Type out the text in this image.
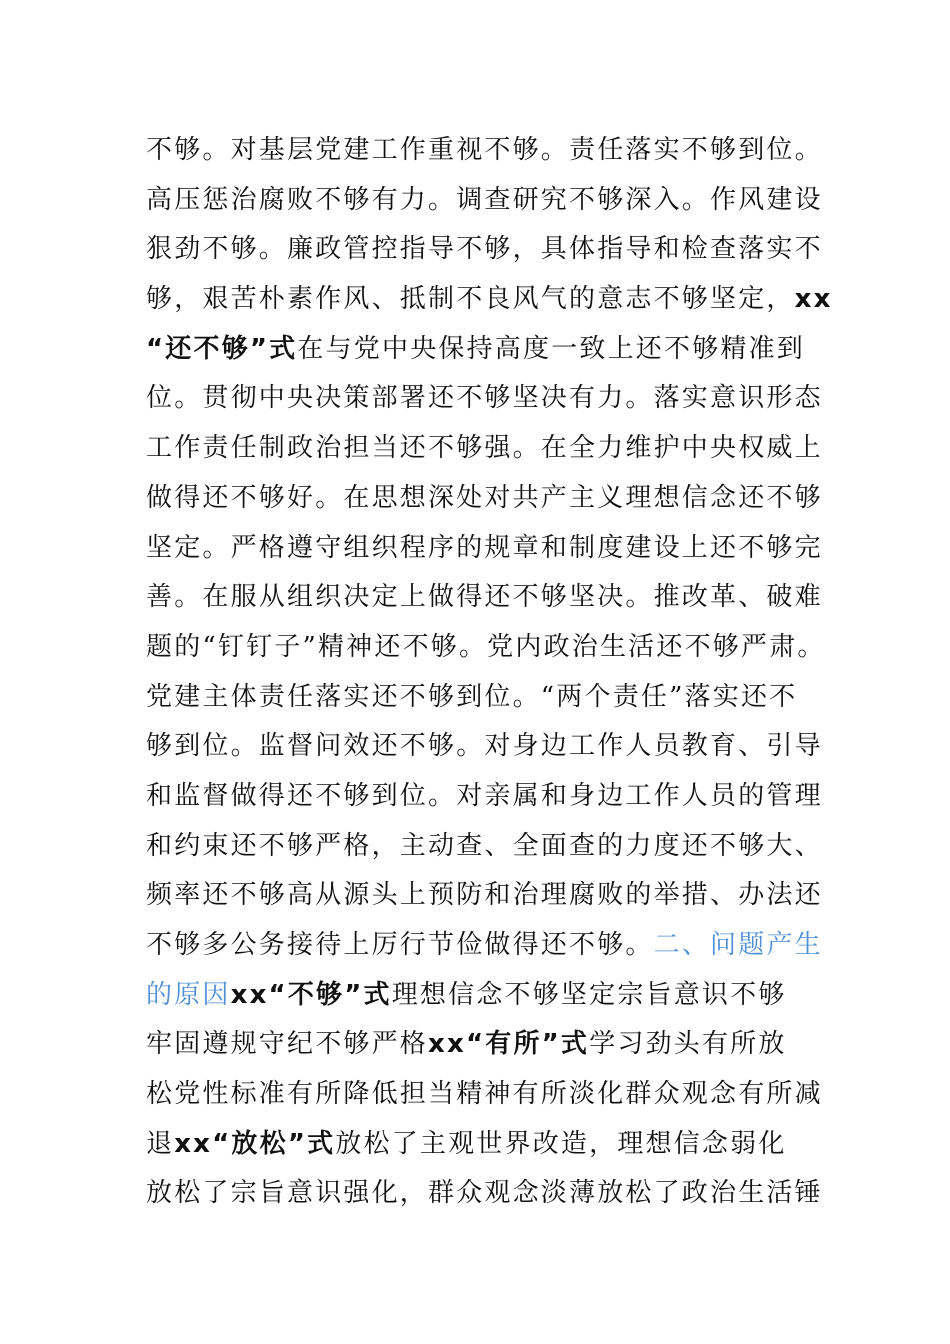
不够。对基层党建工作重视不够。责任落实不够到位。
高压惩治腐败不够有力。调查研究不够深入。作风建设
狠劲不够。廉政管控指导不够，具体指导和检查落实不
够，艰苦朴素作风、抵制不良风气的意志不够坚定，xx
“还不够”式在与党中央保持高度一致上还不够精准到
位。贯彻中央决策部署还不够坚决有力。落实意识形态
工作责任制政治担当还不够强。在全力维护中央权威上
做得还不够好。在思想深处对共产主义理想信念还不够
坚定。严格遵守组织程序的规章和制度建设上还不够完
善。在服从组织决定上做得还不够坚决。推改革、破难
题的“钉钉子”精神还不够。党内政治生活还不够严肃。
党建主体责任落实还不够到位。“两个责任”落实还不
够到位。监督问效还不够。对身边工作人员教育、引导
和监督做得还不够到位。对亲属和身边工作人员的管理
和约束还不够严格，主动查、全面查的力度还不够大、
频率还不够高从源头上预防和治理腐败的举措、办法还
不够多公务接待上厉行节俭做得还不够。二、问题产生
的原因xx“不够”式理想信念不够坚定宗旨意识不够
牢固遵规守纪不够严格xx“有所”式学习劲头有所放
松党性标准有所降低担当精神有所淡化群众观念有所减
退xx“放松”式放松了主观世界改造，理想信念弱化
放松了宗旨意识强化，群众观念淡薄放松了政治生活锤
